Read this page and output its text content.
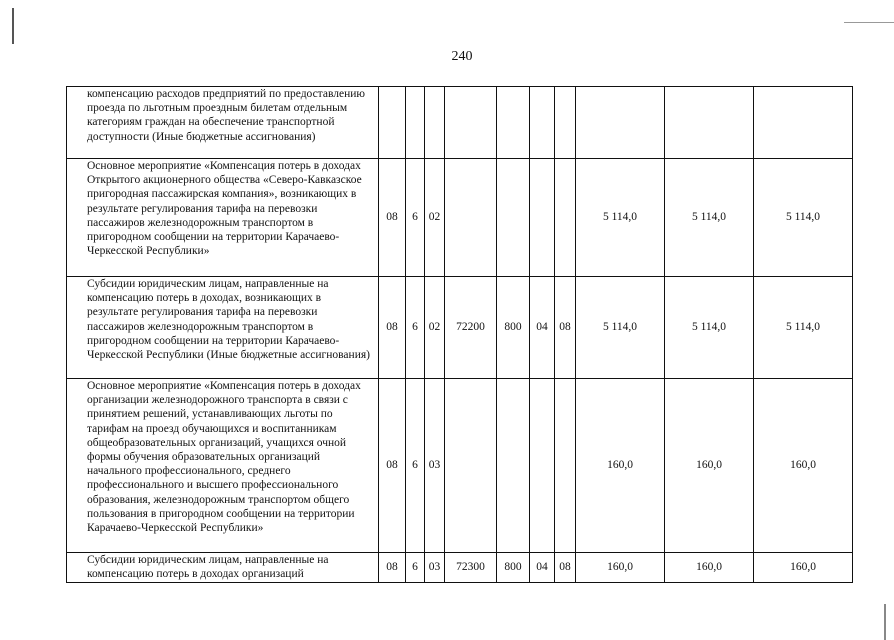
240
компенсацию расходов предприятий по предоставлению проезда по льготным проездным билетам отдельным категориям граждан на обеспечение транспортной доступности (Иные бюджетные ассигнования)										
Основное мероприятие «Компенсация потерь в доходах Открытого акционерного общества «Северо-Кавказское пригородная пассажирская компания», возникающих в результате регулирования тарифа на перевозки пассажиров железнодорожным транспортом в пригородном сообщении на территории Карачаево-Черкесской Республики»	08	6	02					5 114,0	5 114,0	5 114,0
Субсидии юридическим лицам, направленные на компенсацию потерь в доходах, возникающих в результате регулирования тарифа на перевозки пассажиров железнодорожным транспортом в пригородном сообщении на территории Карачаево-Черкесской Республики (Иные бюджетные ассигнования)	08	6	02	72200	800	04	08	5 114,0	5 114,0	5 114,0
Основное мероприятие «Компенсация потерь в доходах организации железнодорожного транспорта в связи с принятием решений, устанавливающих льготы по тарифам на проезд обучающихся и воспитанникам общеобразовательных организаций, учащихся очной формы обучения образовательных организаций начального профессионального, среднего профессионального и высшего профессионального образования, железнодорожным транспортом общего пользования в пригородном сообщении на территории Карачаево-Черкесской Республики»	08	6	03					160,0	160,0	160,0
Субсидии юридическим лицам, направленные на компенсацию потерь в доходах организаций	08	6	03	72300	800	04	08	160,0	160,0	160,0
